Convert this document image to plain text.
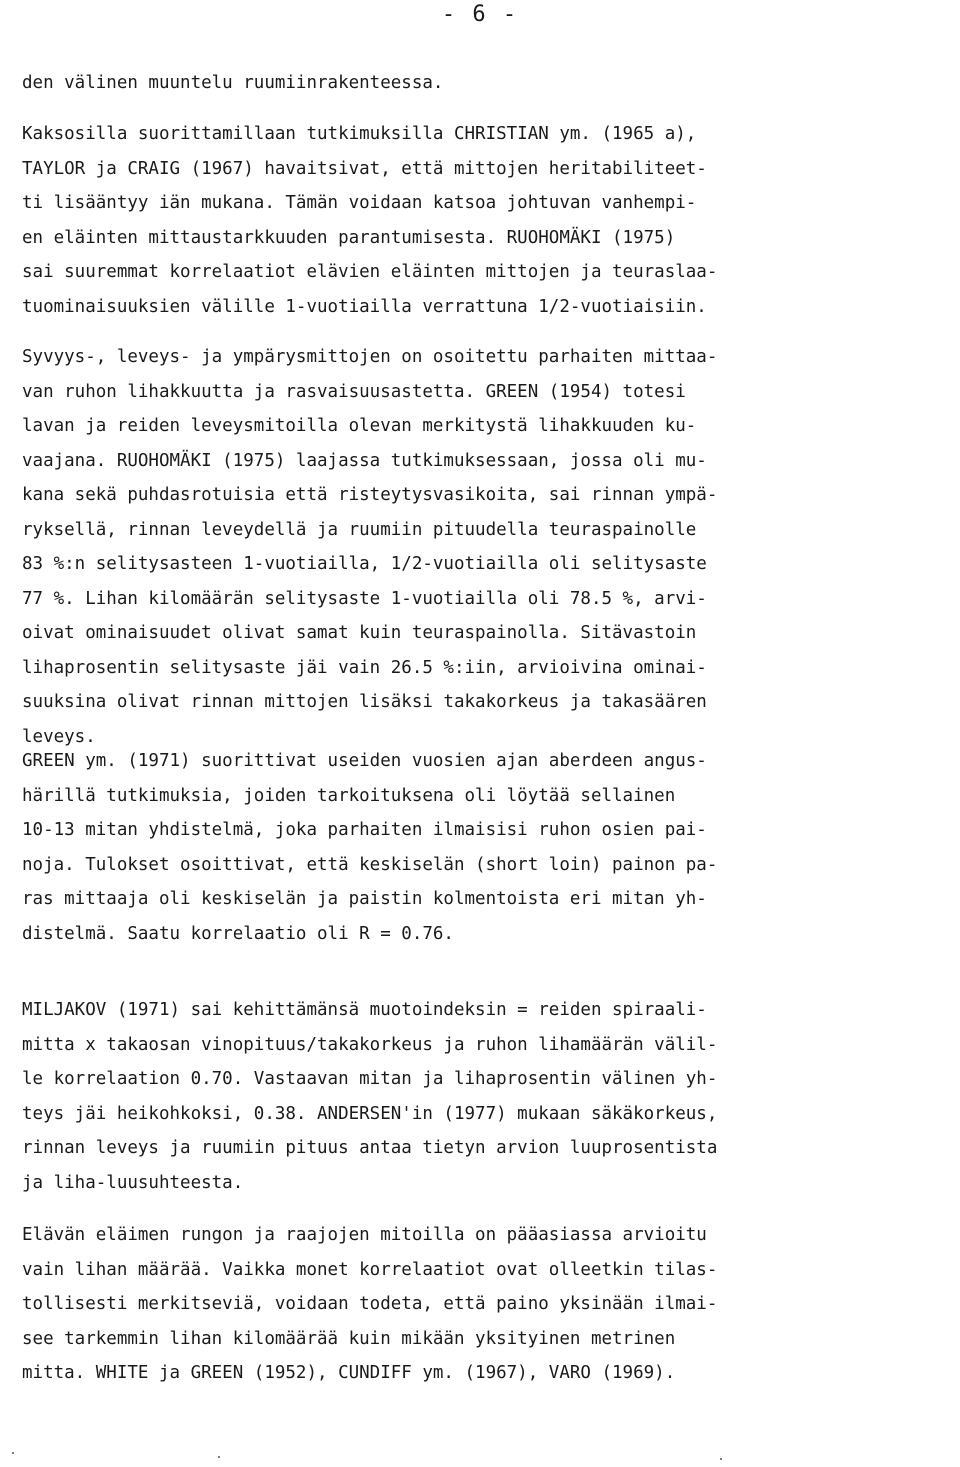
- 6 -
den välinen muuntelu ruumiinrakenteessa.
Kaksosilla suorittamillaan tutkimuksilla CHRISTIAN ym. (1965 a),
TAYLOR ja CRAIG (1967) havaitsivat, että mittojen heritabiliteet-
ti lisääntyy iän mukana. Tämän voidaan katsoa johtuvan vanhempi-
en eläinten mittaustarkkuuden parantumisesta. RUOHOMÄKI (1975)
sai suuremmat korrelaatiot elävien eläinten mittojen ja teuraslaa-
tuominaisuuksien välille 1-vuotiailla verrattuna 1/2-vuotiaisiin.
Syvyys-, leveys- ja ympärysmittojen on osoitettu parhaiten mittaa-
van ruhon lihakkuutta ja rasvaisuusastetta. GREEN (1954) totesi
lavan ja reiden leveysmitoilla olevan merkitystä lihakkuuden ku-
vaajana. RUOHOMÄKI (1975) laajassa tutkimuksessaan, jossa oli mu-
kana sekä puhdasrotuisia että risteytysvasikoita, sai rinnan ympä-
ryksellä, rinnan leveydellä ja ruumiin pituudella teuraspainolle
83 %:n selitysasteen 1-vuotiailla, 1/2-vuotiailla oli selitysaste
77 %. Lihan kilomäärän selitysaste 1-vuotiailla oli 78.5 %, arvi-
oivat ominaisuudet olivat samat kuin teuraspainolla. Sitävastoin
lihaprosentin selitysaste jäi vain 26.5 %:iin, arvioivina ominai-
suuksina olivat rinnan mittojen lisäksi takakorkeus ja takasäären
leveys.
GREEN ym. (1971) suorittivat useiden vuosien ajan aberdeen angus-
härillä tutkimuksia, joiden tarkoituksena oli löytää sellainen
10-13 mitan yhdistelmä, joka parhaiten ilmaisisi ruhon osien pai-
noja. Tulokset osoittivat, että keskiselän (short loin) painon pa-
ras mittaaja oli keskiselän ja paistin kolmentoista eri mitan yh-
distelmä. Saatu korrelaatio oli R = 0.76.
MILJAKOV (1971) sai kehittämänsä muotoindeksin = reiden spiraali-
mitta x takaosan vinopituus/takakorkeus ja ruhon lihamäärän välil-
le korrelaation 0.70. Vastaavan mitan ja lihaprosentin välinen yh-
teys jäi heikohkoksi, 0.38. ANDERSEN'in (1977) mukaan säkäkorkeus,
rinnan leveys ja ruumiin pituus antaa tietyn arvion luuprosentista
ja liha-luusuhteesta.
Elävän eläimen rungon ja raajojen mitoilla on pääasiassa arvioitu
vain lihan määrää. Vaikka monet korrelaatiot ovat olleetkin tilas-
tollisesti merkitseviä, voidaan todeta, että paino yksinään ilmai-
see tarkemmin lihan kilomäärää kuin mikään yksityinen metrinen
mitta. WHITE ja GREEN (1952), CUNDIFF ym. (1967), VARO (1969).
